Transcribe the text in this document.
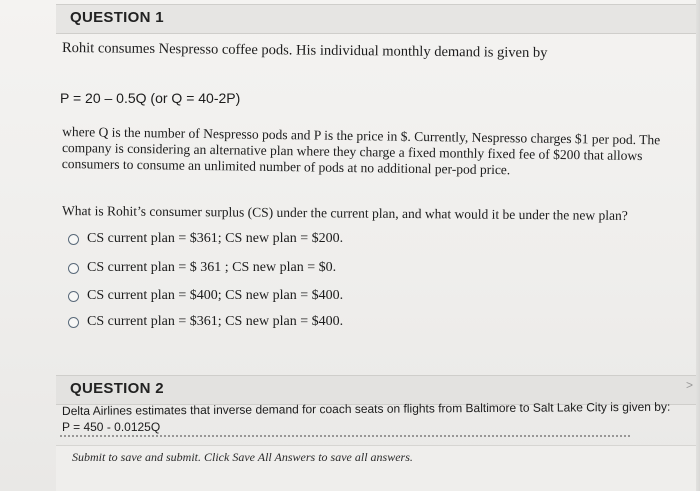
QUESTION 1
Rohit consumes Nespresso coffee pods. His individual monthly demand is given by
P = 20 – 0.5Q (or Q = 40-2P)
where Q is the number of Nespresso pods and P is the price in $. Currently, Nespresso charges $1 per pod. The company is considering an alternative plan where they charge a fixed monthly fixed fee of $200 that allows consumers to consume an unlimited number of pods at no additional per-pod price.
What is Rohit’s consumer surplus (CS) under the current plan, and what would it be under the new plan?
CS current plan = $361; CS new plan = $200.
CS current plan = $ 361 ; CS new plan = $0.
CS current plan = $400; CS new plan = $400.
CS current plan = $361; CS new plan = $400.
QUESTION 2	>
Delta Airlines estimates that inverse demand for coach seats on flights from Baltimore to Salt Lake City is given by:
P = 450 - 0.0125Q
Submit to save and submit. Click Save All Answers to save all answers.
